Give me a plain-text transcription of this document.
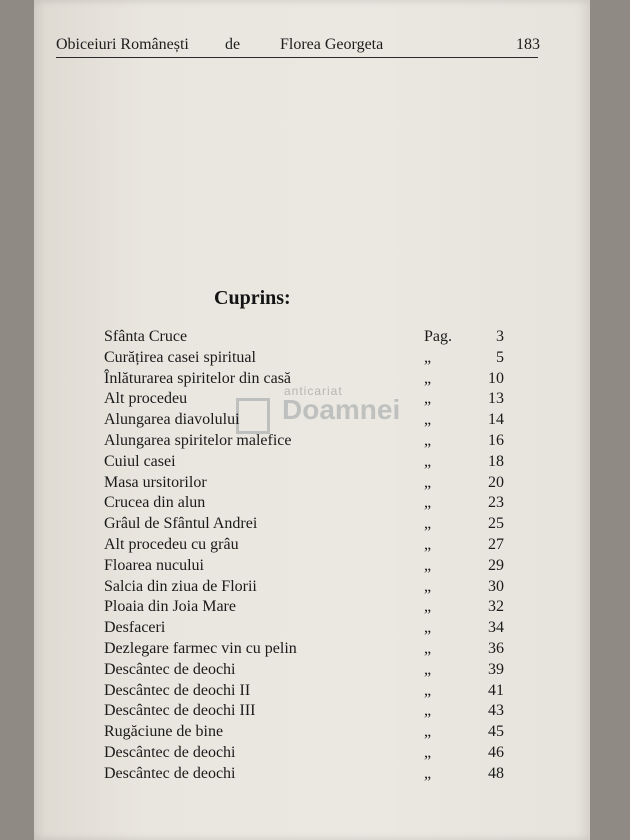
Obiceiuri Românești de Florea Georgeta	183
anticariat
Doamnei
Cuprins:
Sfânta Cruce	Pag.	3
Curățirea casei spiritual	„	5
Înlăturarea spiritelor din casă	„	10
Alt procedeu	„	13
Alungarea diavolului	„	14
Alungarea spiritelor malefice	„	16
Cuiul casei	„	18
Masa ursitorilor	„	20
Crucea din alun	„	23
Grâul de Sfântul Andrei	„	25
Alt procedeu cu grâu	„	27
Floarea nucului	„	29
Salcia din ziua de Florii	„	30
Ploaia din Joia Mare	„	32
Desfaceri	„	34
Dezlegare farmec vin cu pelin	„	36
Descântec de deochi	„	39
Descântec de deochi II	„	41
Descântec de deochi III	„	43
Rugăciune de bine	„	45
Descântec de deochi	„	46
Descântec de deochi	„	48
